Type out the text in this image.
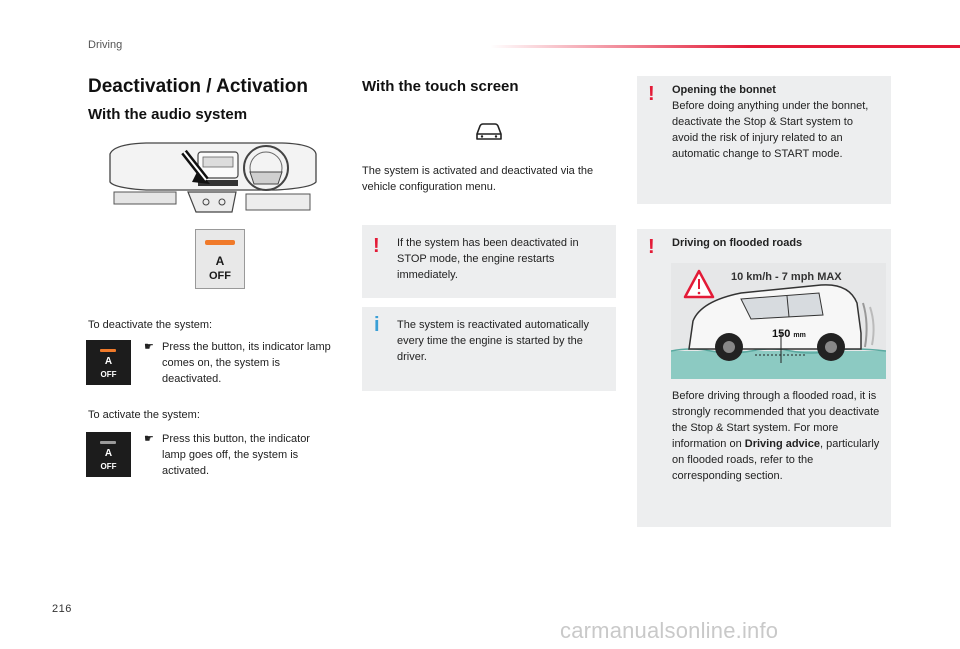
Driving
Deactivation / Activation
With the audio system
A
OFF
To deactivate the system:
A
OFF
☛ Press the button, its indicator lamp comes on, the system is deactivated.
To activate the system:
A
OFF
☛ Press this button, the indicator lamp goes off, the system is activated.
With the touch screen
The system is activated and deactivated via the vehicle configuration menu.
! If the system has been deactivated in STOP mode, the engine restarts immediately.
i The system is reactivated automatically every time the engine is started by the driver.
! Opening the bonnet
Before doing anything under the bonnet, deactivate the Stop & Start system to avoid the risk of injury related to an automatic change to START mode.
! Driving on flooded roads
Before driving through a flooded road, it is strongly recommended that you deactivate the Stop & Start system. For more information on Driving advice, particularly on flooded roads, refer to the corresponding section.
10 km/h - 7 mph MAX
150 mm
216
carmanualsonline.info
